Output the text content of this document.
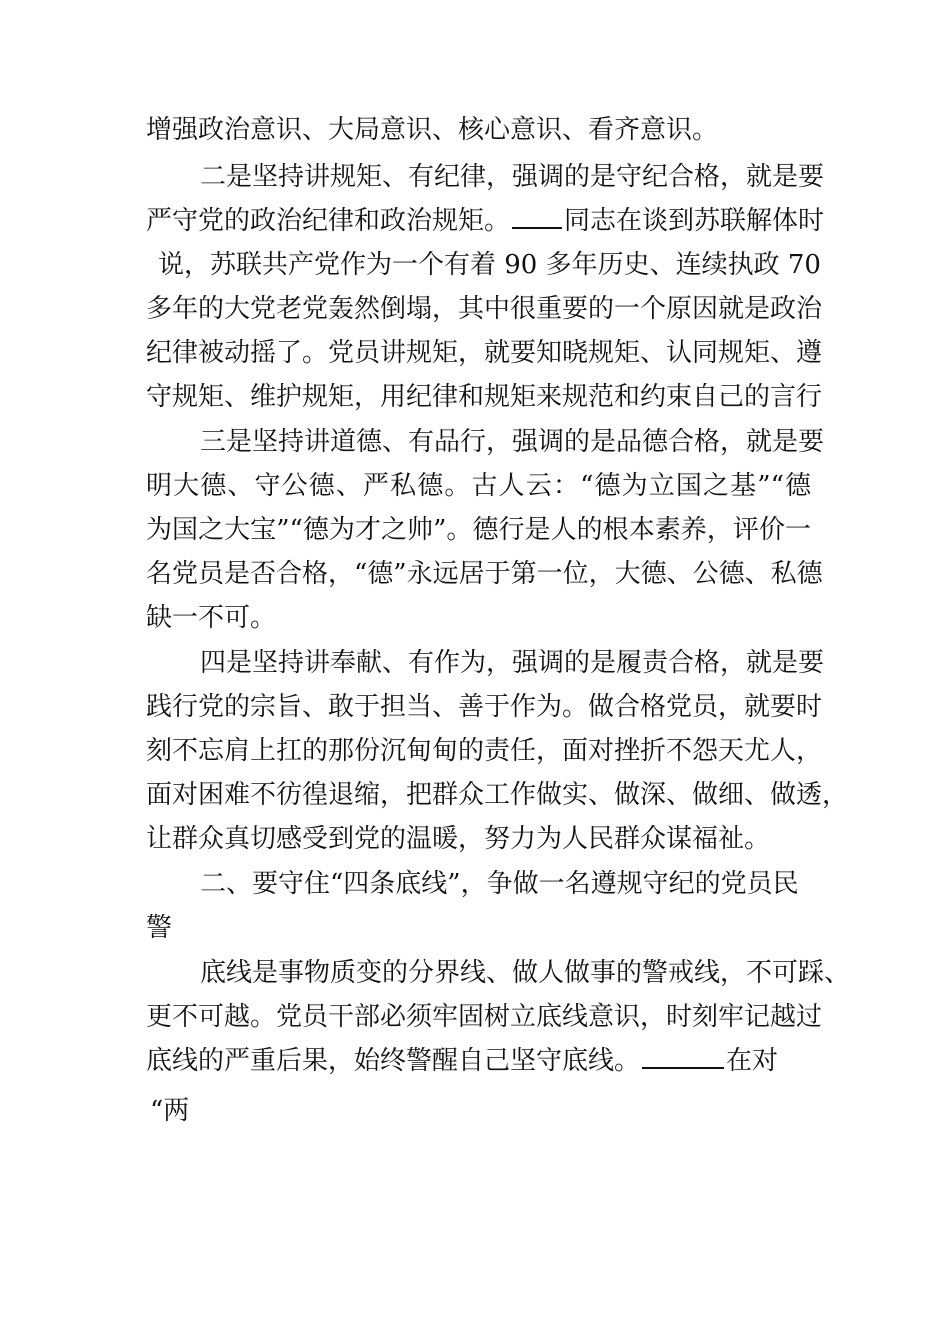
增强政治意识、大局意识、核心意识、看齐意识。
二是坚持讲规矩、有纪律，强调的是守纪合格，就是要
严守党的政治纪律和政治规矩。 同志在谈到苏联解体时
说，苏联共产党作为一个有着 90 多年历史、连续执政 70
多年的大党老党轰然倒塌，其中很重要的一个原因就是政治
纪律被动摇了。党员讲规矩，就要知晓规矩、认同规矩、遵
守规矩、维护规矩，用纪律和规矩来规范和约束自己的言行
三是坚持讲道德、有品行，强调的是品德合格，就是要
明大德、守公德、严私德。古人云：“德为立国之基”“德
为国之大宝”“德为才之帅”。德行是人的根本素养，评价一
名党员是否合格，“德”永远居于第一位，大德、公德、私德
缺一不可。
四是坚持讲奉献、有作为，强调的是履责合格，就是要
践行党的宗旨、敢于担当、善于作为。做合格党员，就要时
刻不忘肩上扛的那份沉甸甸的责任，面对挫折不怨天尤人，
面对困难不彷徨退缩，把群众工作做实、做深、做细、做透，
让群众真切感受到党的温暖，努力为人民群众谋福祉。
二、要守住“四条底线”，争做一名遵规守纪的党员民
警
底线是事物质变的分界线、做人做事的警戒线，不可踩、
更不可越。党员干部必须牢固树立底线意识，时刻牢记越过
底线的严重后果，始终警醒自己坚守底线。	在对
“两
